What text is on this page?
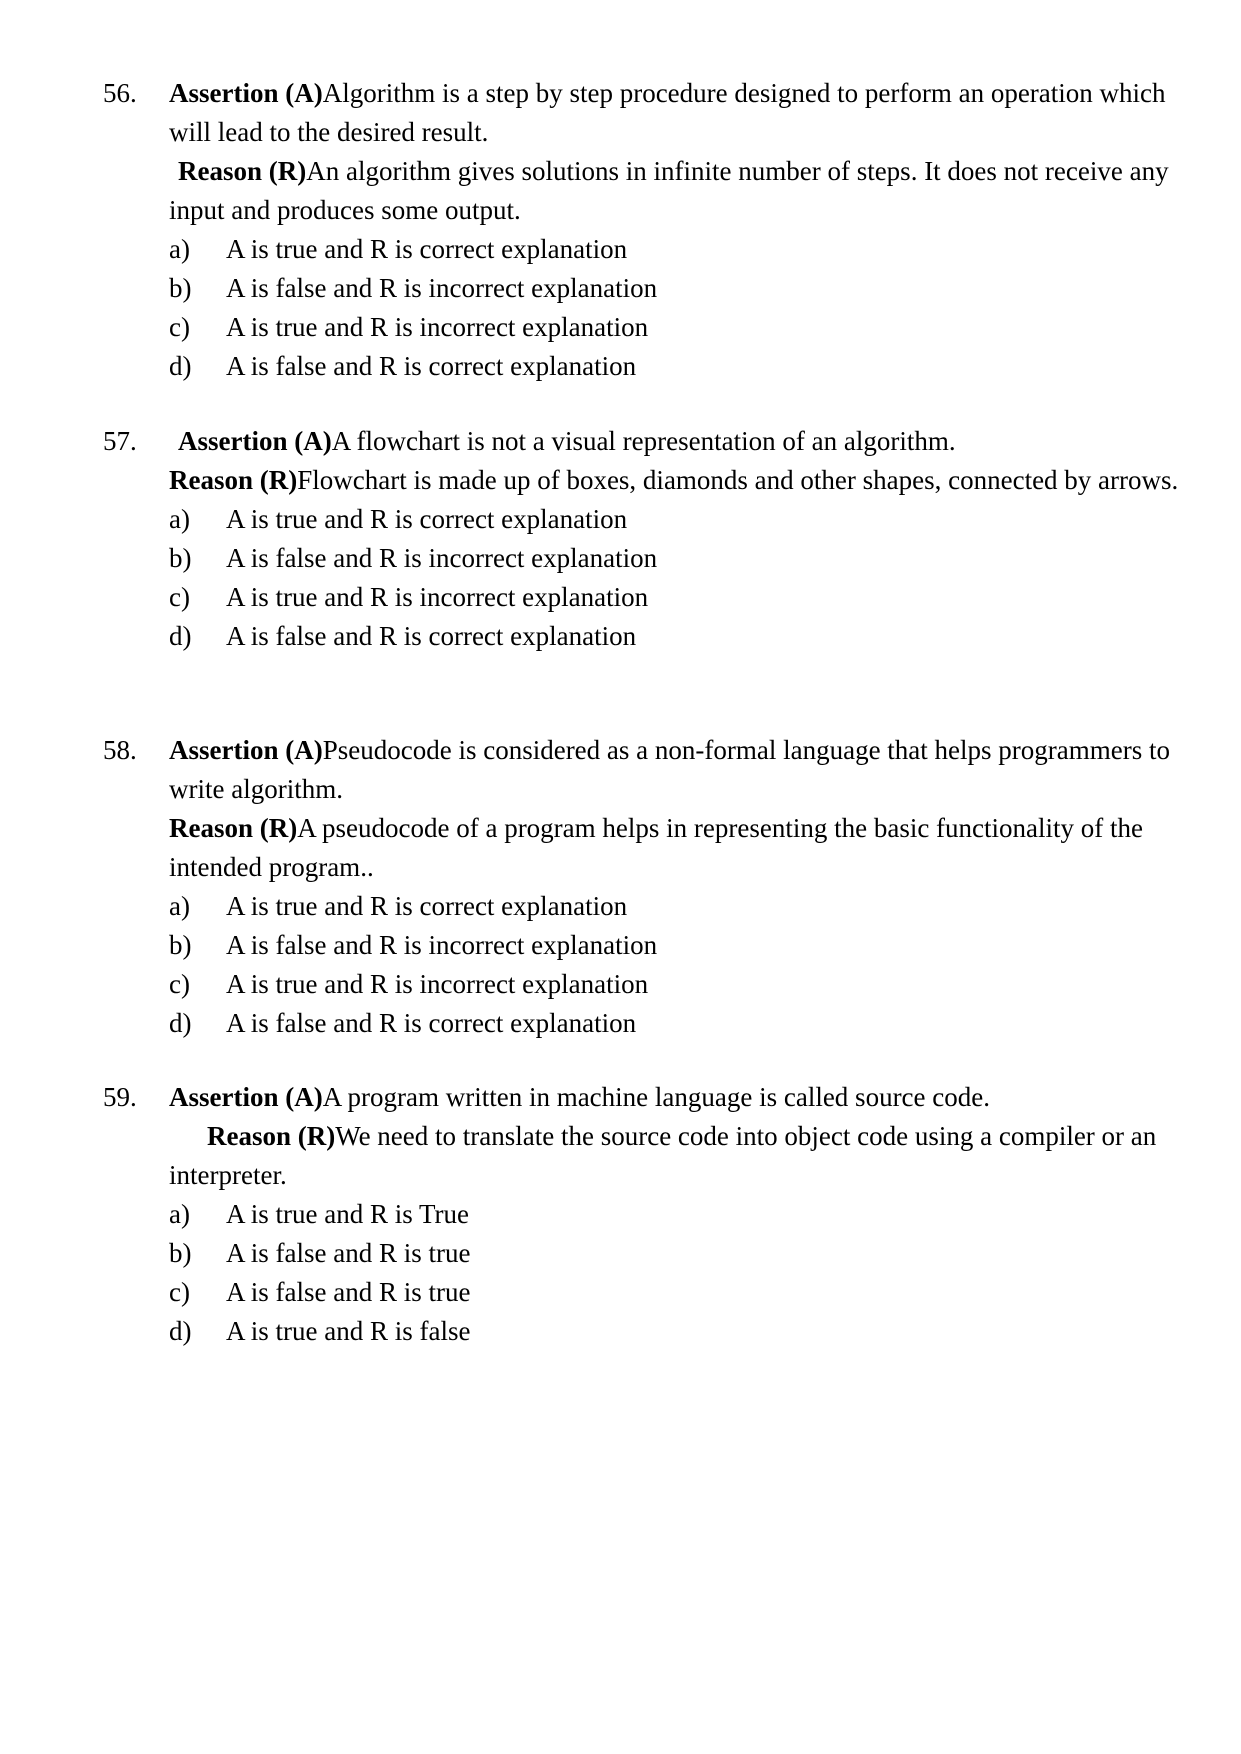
56.	Assertion (A)Algorithm is a step by step procedure designed to perform an operation which will lead to the desired result.
Reason (R)An algorithm gives solutions in infinite number of steps. It does not receive any input and produces some output.
a)	A is true and R is correct explanation
b)	A is false and R is incorrect explanation
c)	A is true and R is incorrect explanation
d)	A is false and R is correct explanation
57.	Assertion (A)A flowchart is not a visual representation of an algorithm.
Reason (R)Flowchart is made up of boxes, diamonds and other shapes, connected by arrows.
a)	A is true and R is correct explanation
b)	A is false and R is incorrect explanation
c)	A is true and R is incorrect explanation
d)	A is false and R is correct explanation
58.	Assertion (A)Pseudocode is considered as a non-formal language that helps programmers to write algorithm.
Reason (R)A pseudocode of a program helps in representing the basic functionality of the intended program..
a)	A is true and R is correct explanation
b)	A is false and R is incorrect explanation
c)	A is true and R is incorrect explanation
d)	A is false and R is correct explanation
59.	Assertion (A)A program written in machine language is called source code.
Reason (R)We need to translate the source code into object code using a compiler or an interpreter.
a)	A is true and R is True
b)	A is false and R is true
c)	A is false and R is true
d)	A is true and R is false
